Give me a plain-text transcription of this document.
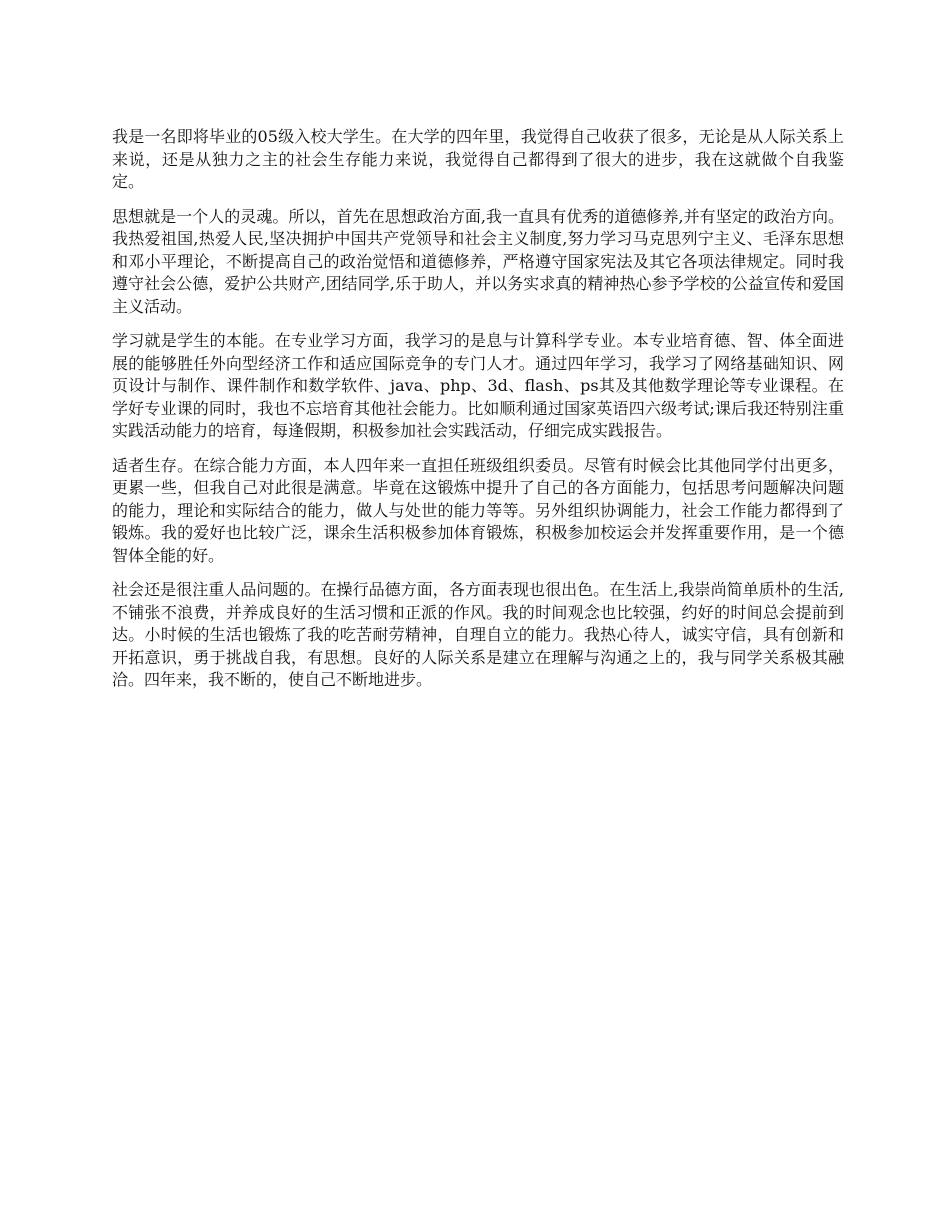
我是一名即将毕业的05级入校大学生。在大学的四年里，我觉得自己收获了很多，无论是从人际关系上来说，还是从独力之主的社会生存能力来说，我觉得自己都得到了很大的进步，我在这就做个自我鉴定。

思想就是一个人的灵魂。所以，首先在思想政治方面,我一直具有优秀的道德修养,并有坚定的政治方向。我热爱祖国,热爱人民,坚决拥护中国共产党领导和社会主义制度,努力学习马克思列宁主义、毛泽东思想和邓小平理论，不断提高自己的政治觉悟和道德修养，严格遵守国家宪法及其它各项法律规定。同时我遵守社会公德，爱护公共财产,团结同学,乐于助人，并以务实求真的精神热心参予学校的公益宣传和爱国主义活动。

学习就是学生的本能。在专业学习方面，我学习的是息与计算科学专业。本专业培育德、智、体全面进展的能够胜任外向型经济工作和适应国际竞争的专门人才。通过四年学习，我学习了网络基础知识、网页设计与制作、课件制作和数学软件、java、php、3d、flash、ps其及其他数学理论等专业课程。在学好专业课的同时，我也不忘培育其他社会能力。比如顺利通过国家英语四六级考试;课后我还特别注重实践活动能力的培育，每逢假期，积极参加社会实践活动，仔细完成实践报告。

适者生存。在综合能力方面，本人四年来一直担任班级组织委员。尽管有时候会比其他同学付出更多，更累一些，但我自己对此很是满意。毕竟在这锻炼中提升了自己的各方面能力，包括思考问题解决问题的能力，理论和实际结合的能力，做人与处世的能力等等。另外组织协调能力，社会工作能力都得到了锻炼。我的爱好也比较广泛，课余生活积极参加体育锻炼，积极参加校运会并发挥重要作用，是一个德智体全能的好。

社会还是很注重人品问题的。在操行品德方面，各方面表现也很出色。在生活上,我崇尚简单质朴的生活,不铺张不浪费，并养成良好的生活习惯和正派的作风。我的时间观念也比较强，约好的时间总会提前到达。小时候的生活也锻炼了我的吃苦耐劳精神，自理自立的能力。我热心待人，诚实守信，具有创新和开拓意识，勇于挑战自我，有思想。良好的人际关系是建立在理解与沟通之上的，我与同学关系极其融洽。四年来，我不断的，使自己不断地进步。
